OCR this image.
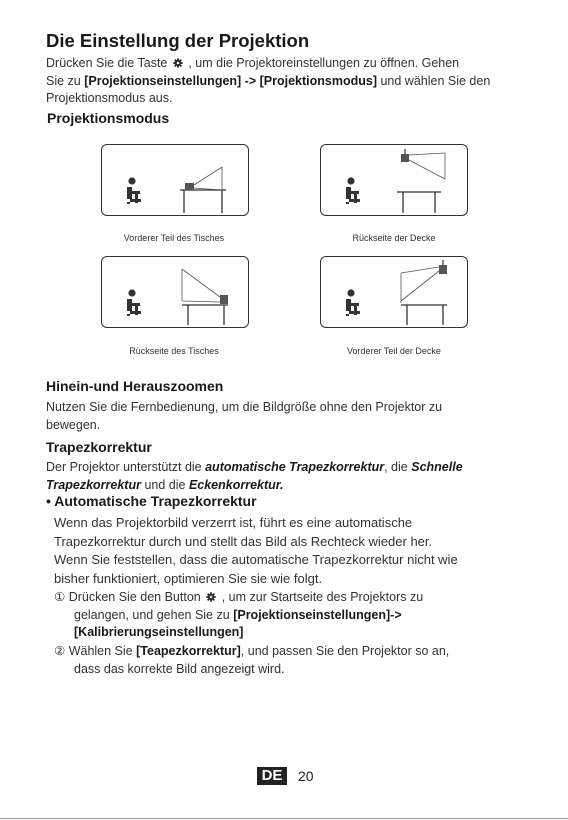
Die Einstellung der Projektion
Drücken Sie die Taste , um die Projektoreinstellungen zu öffnen. Gehen
Sie zu [Projektionseinstellungen] -> [Projektionsmodus] und wählen Sie den
Projektionsmodus aus.
Projektionsmodus
Vorderer Teil des Tisches	Rückseite der Decke
Rückseite des Tisches	Vorderer Teil der Decke
Hinein-und Herauszoomen
Nutzen Sie die Fernbedienung, um die Bildgröße ohne den Projektor zu
bewegen.
Trapezkorrektur
Der Projektor unterstützt die automatische Trapezkorrektur, die Schnelle
Trapezkorrektur und die Eckenkorrektur.
• Automatische Trapezkorrektur
Wenn das Projektorbild verzerrt ist, führt es eine automatische
Trapezkorrektur durch und stellt das Bild als Rechteck wieder her.
Wenn Sie feststellen, dass die automatische Trapezkorrektur nicht wie
bisher funktioniert, optimieren Sie sie wie folgt.
① Drücken Sie den Button , um zur Startseite des Projektors zu
gelangen, und gehen Sie zu [Projektionseinstellungen]->
[Kalibrierungseinstellungen]
② Wählen Sie [Teapezkorrektur], und passen Sie den Projektor so an,
dass das korrekte Bild angezeigt wird.
DE	20
